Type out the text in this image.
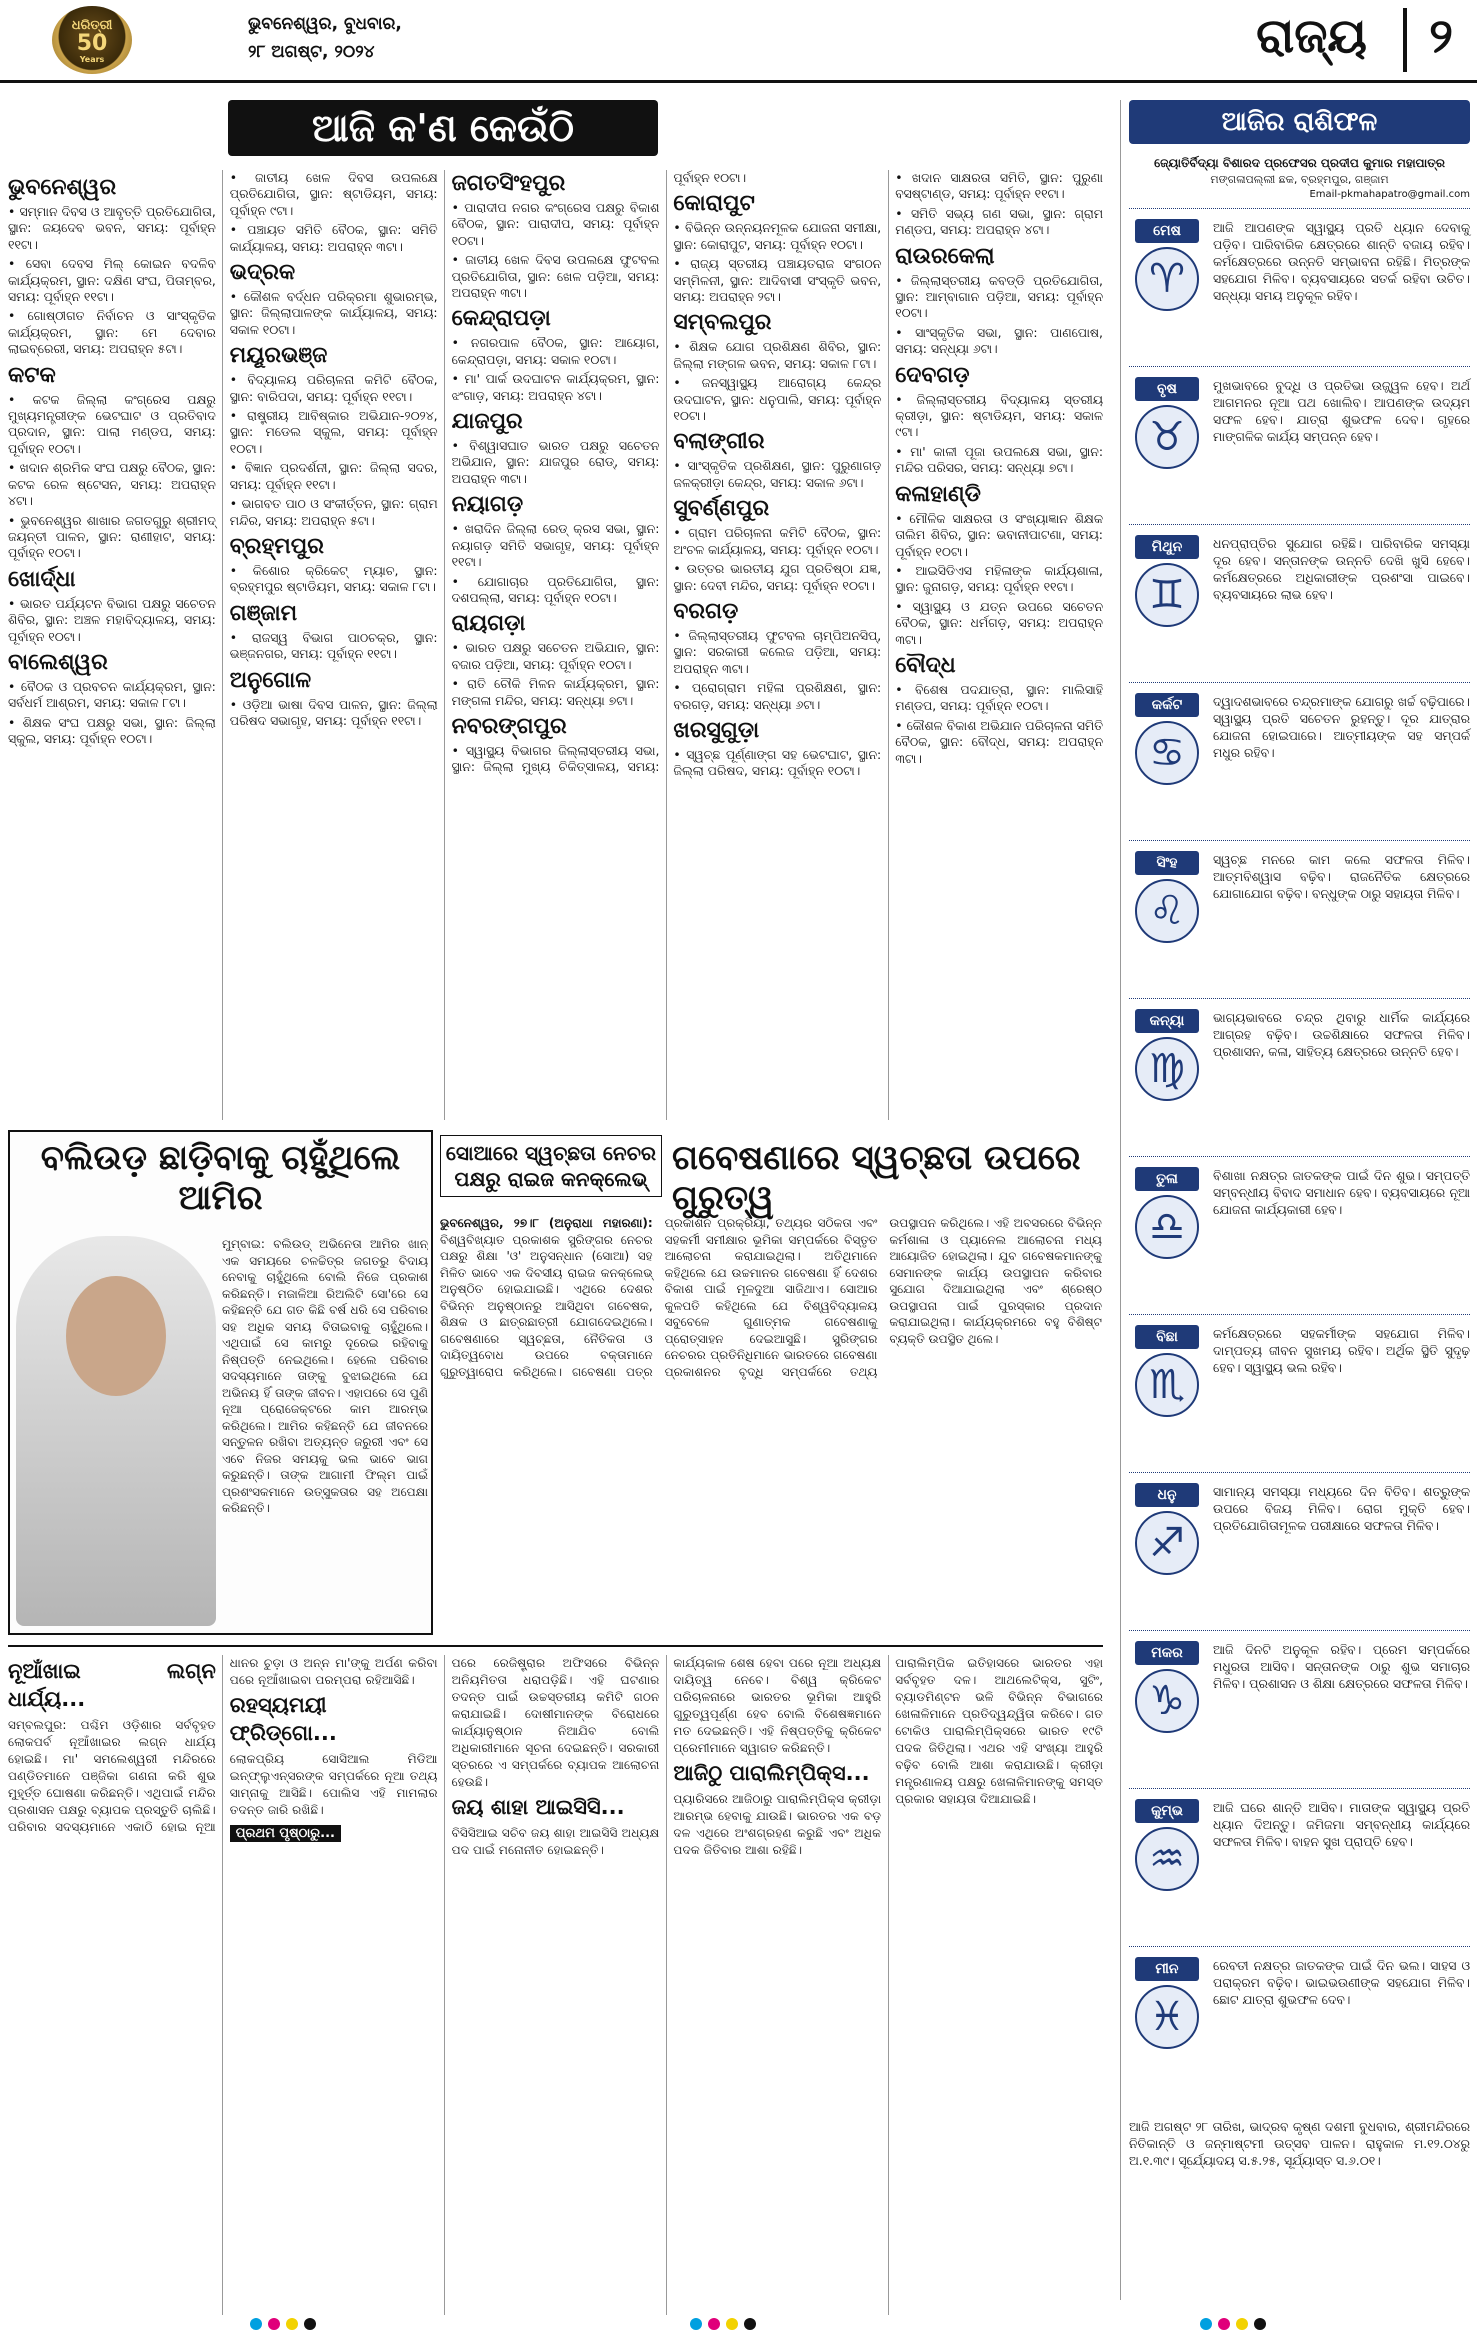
ଧରିତ୍ରୀ
50
Years
ଭୁବନେଶ୍ୱର, ବୁଧବାର,
୨୮ ଅଗଷ୍ଟ, ୨୦୨୪	ରାଜ୍ୟ	୨
ଆଜି କ'ଣ କେଉଁଠି
ଭୁବନେଶ୍ୱର
• ସମ୍ମାନ ଦିବସ ଓ ଆବୃତ୍ତି ପ୍ରତିଯୋଗିତା, ସ୍ଥାନ: ଜୟଦେବ ଭବନ, ସମୟ: ପୂର୍ବାହ୍ନ ୧୧ଟା।
• ସେବା ଦେବସ ମିଲ୍ କୋଇନ ବଦଳିବ କାର୍ଯ୍ୟକ୍ରମ, ସ୍ଥାନ: ଦକ୍ଷିଣ ସଂଘ, ପିତାମ୍ବର, ସମୟ: ପୂର୍ବାହ୍ନ ୧୧ଟା।
• ଗୋଷ୍ଠୀଗତ ନିର୍ବାଚନ ଓ ସାଂସ୍କୃତିକ କାର୍ଯ୍ୟକ୍ରମ, ସ୍ଥାନ: ମେ ଦେବାର ଲାଇବ୍ରେରୀ, ସମୟ: ଅପରାହ୍ନ ୫ଟା।
କଟକ
• କଟକ ଜିଲ୍ଲା କଂଗ୍ରେସ ପକ୍ଷରୁ ମୁଖ୍ୟମନ୍ତ୍ରୀଙ୍କ ଭେଟଘାଟ ଓ ପ୍ରତିବାଦ ପ୍ରଦାନ, ସ୍ଥାନ: ପାଲା ମଣ୍ଡପ, ସମୟ: ପୂର୍ବାହ୍ନ ୧୦ଟା।
• ଖଦାନ ଶ୍ରମିକ ସଂଘ ପକ୍ଷରୁ ବୈଠକ, ସ୍ଥାନ: କଟକ ରେଳ ଷ୍ଟେସନ, ସମୟ: ଅପରାହ୍ନ ୪ଟା।
• ଭୁବନେଶ୍ୱର ଶାଖାର ଜଗତଗୁରୁ ଶ୍ରୀମଦ୍ ଜୟନ୍ତୀ ପାଳନ, ସ୍ଥାନ: ରାଣୀହାଟ, ସମୟ: ପୂର୍ବାହ୍ନ ୧୦ଟା।
ଖୋର୍ଦ୍ଧା
• ଭାରତ ପର୍ଯ୍ୟଟନ ବିଭାଗ ପକ୍ଷରୁ ସଚେତନ ଶିବିର, ସ୍ଥାନ: ଅଞ୍ଚଳ ମହାବିଦ୍ୟାଳୟ, ସମୟ: ପୂର୍ବାହ୍ନ ୧୦ଟା।
ବାଲେଶ୍ୱର
• ବୈଠକ ଓ ପ୍ରବଚନ କାର୍ଯ୍ୟକ୍ରମ, ସ୍ଥାନ: ସର୍ବଧର୍ମ ଆଶ୍ରମ, ସମୟ: ସକାଳ ୮ଟା।
• ଶିକ୍ଷକ ସଂଘ ପକ୍ଷରୁ ସଭା, ସ୍ଥାନ: ଜିଲ୍ଲା ସ୍କୁଲ, ସମୟ: ପୂର୍ବାହ୍ନ ୧୦ଟା।
• ଜାତୀୟ ଖେଳ ଦିବସ ଉପଲକ୍ଷେ ପ୍ରତିଯୋଗିତା, ସ୍ଥାନ: ଷ୍ଟାଡିୟମ, ସମୟ: ପୂର୍ବାହ୍ନ ୯ଟା।
• ପଞ୍ଚାୟତ ସମିତି ବୈଠକ, ସ୍ଥାନ: ସମିତି କାର୍ଯ୍ୟାଳୟ, ସମୟ: ଅପରାହ୍ନ ୩ଟା।
ଭଦ୍ରକ
• କୌଶଳ ବର୍ଦ୍ଧନ ପରିକ୍ରମା ଶୁଭାରମ୍ଭ, ସ୍ଥାନ: ଜିଲ୍ଲାପାଳଙ୍କ କାର୍ଯ୍ୟାଳୟ, ସମୟ: ସକାଳ ୧୦ଟା।
ମୟୂରଭଞ୍ଜ
• ବିଦ୍ୟାଳୟ ପରିଚାଳନା କମିଟି ବୈଠକ, ସ୍ଥାନ: ବାରିପଦା, ସମୟ: ପୂର୍ବାହ୍ନ ୧୧ଟା।
• ରାଷ୍ଟ୍ରୀୟ ଆବିଷ୍କାର ଅଭିଯାନ-୨୦୨୪, ସ୍ଥାନ: ମଡେଲ ସ୍କୁଲ, ସମୟ: ପୂର୍ବାହ୍ନ ୧୦ଟା।
• ବିଜ୍ଞାନ ପ୍ରଦର୍ଶନୀ, ସ୍ଥାନ: ଜିଲ୍ଲା ସଦର, ସମୟ: ପୂର୍ବାହ୍ନ ୧୧ଟା।
• ଭାଗବତ ପାଠ ଓ ସଂକୀର୍ତ୍ତନ, ସ୍ଥାନ: ଗ୍ରାମ ମନ୍ଦିର, ସମୟ: ଅପରାହ୍ନ ୫ଟା।
ବ୍ରହ୍ମପୁର
• କିଶୋର କ୍ରିକେଟ୍ ମ୍ୟାଚ, ସ୍ଥାନ: ବ୍ରହ୍ମପୁର ଷ୍ଟାଡିୟମ, ସମୟ: ସକାଳ ୮ଟା।
ଗଞ୍ଜାମ
• ରାଜସ୍ୱ ବିଭାଗ ପାଠଚକ୍ର, ସ୍ଥାନ: ଭଞ୍ଜନଗର, ସମୟ: ପୂର୍ବାହ୍ନ ୧୧ଟା।
ଅନୁଗୋଳ
• ଓଡ଼ିଆ ଭାଷା ଦିବସ ପାଳନ, ସ୍ଥାନ: ଜିଲ୍ଲା ପରିଷଦ ସଭାଗୃହ, ସମୟ: ପୂର୍ବାହ୍ନ ୧୧ଟା।
ଜଗତସିଂହପୁର
• ପାରାଦୀପ ନଗର କଂଗ୍ରେସ ପକ୍ଷରୁ ବିକାଶ ବୈଠକ, ସ୍ଥାନ: ପାରାଦୀପ, ସମୟ: ପୂର୍ବାହ୍ନ ୧୦ଟା।
• ଜାତୀୟ ଖେଳ ଦିବସ ଉପଲକ୍ଷେ ଫୁଟବଲ ପ୍ରତିଯୋଗିତା, ସ୍ଥାନ: ଖେଳ ପଡ଼ିଆ, ସମୟ: ଅପରାହ୍ନ ୩ଟା।
କେନ୍ଦ୍ରାପଡ଼ା
• ନଗରପାଳ ବୈଠକ, ସ୍ଥାନ: ଆୟୋଗ, କେନ୍ଦ୍ରାପଡ଼ା, ସମୟ: ସକାଳ ୧୦ଟା।
• ମା' ପାର୍କ ଉଦଘାଟନ କାର୍ଯ୍ୟକ୍ରମ, ସ୍ଥାନ: ଝଂଗାଡ଼, ସମୟ: ଅପରାହ୍ନ ୪ଟା।
ଯାଜପୁର
• ବିଶ୍ୱାସଘାତ ଭାରତ ପକ୍ଷରୁ ସଚେତନ ଅଭିଯାନ, ସ୍ଥାନ: ଯାଜପୁର ରୋଡ୍, ସମୟ: ଅପରାହ୍ନ ୩ଟା।
ନୟାଗଡ଼
• ଖରାଦିନ ଜିଲ୍ଲା ରେଡ୍ କ୍ରସ ସଭା, ସ୍ଥାନ: ନୟାଗଡ଼ ସମିତି ସଭାଗୃହ, ସମୟ: ପୂର୍ବାହ୍ନ ୧୧ଟା।
• ଯୋଗାଚାର ପ୍ରତିଯୋଗିତା, ସ୍ଥାନ: ଦଶପଲ୍ଲା, ସମୟ: ପୂର୍ବାହ୍ନ ୧୦ଟା।
ରାୟଗଡ଼ା
• ଭାରତ ପକ୍ଷରୁ ସଚେତନ ଅଭିଯାନ, ସ୍ଥାନ: ବଜାର ପଡ଼ିଆ, ସମୟ: ପୂର୍ବାହ୍ନ ୧୦ଟା।
• ରାତି ଚୌକି ମିଳନ କାର୍ଯ୍ୟକ୍ରମ, ସ୍ଥାନ: ମଙ୍ଗଳା ମନ୍ଦିର, ସମୟ: ସନ୍ଧ୍ୟା ୭ଟା।
ନବରଙ୍ଗପୁର
• ସ୍ୱାସ୍ଥ୍ୟ ବିଭାଗର ଜିଲ୍ଲାସ୍ତରୀୟ ସଭା, ସ୍ଥାନ: ଜିଲ୍ଲା ମୁଖ୍ୟ ଚିକିତ୍ସାଳୟ, ସମୟ: ପୂର୍ବାହ୍ନ ୧୦ଟା।
କୋରାପୁଟ
• ବିଭିନ୍ନ ଉନ୍ନୟନମୂଳକ ଯୋଜନା ସମୀକ୍ଷା, ସ୍ଥାନ: କୋରାପୁଟ, ସମୟ: ପୂର୍ବାହ୍ନ ୧୦ଟା।
• ରାଜ୍ୟ ସ୍ତରୀୟ ପଞ୍ଚାୟତରାଜ ସଂଗଠନ ସମ୍ମିଳନୀ, ସ୍ଥାନ: ଆଦିବାସୀ ସଂସ୍କୃତି ଭବନ, ସମୟ: ଅପରାହ୍ନ ୨ଟା।
ସମ୍ବଲପୁର
• ଶିକ୍ଷକ ଯୋଗ ପ୍ରଶିକ୍ଷଣ ଶିବିର, ସ୍ଥାନ: ଜିଲ୍ଲା ମଙ୍ଗଳ ଭବନ, ସମୟ: ସକାଳ ୮ଟା।
• ଜନସ୍ୱାସ୍ଥ୍ୟ ଆରୋଗ୍ୟ କେନ୍ଦ୍ର ଉଦଘାଟନ, ସ୍ଥାନ: ଧନୁପାଲି, ସମୟ: ପୂର୍ବାହ୍ନ ୧୦ଟା।
ବଲାଙ୍ଗୀର
• ସାଂସ୍କୃତିକ ପ୍ରଶିକ୍ଷଣ, ସ୍ଥାନ: ପୁରୁଣାଗଡ଼ ଜଳକ୍ରୀଡ଼ା କେନ୍ଦ୍ର, ସମୟ: ସକାଳ ୬ଟା।
ସୁବର୍ଣ୍ଣପୁର
• ଗ୍ରାମ ପରିଚାଳନା କମିଟି ବୈଠକ, ସ୍ଥାନ: ଅଂଚଳ କାର୍ଯ୍ୟାଳୟ, ସମୟ: ପୂର୍ବାହ୍ନ ୧୦ଟା।
• ଉତ୍ତର ଭାରତୀୟ ଯୁଗ ପ୍ରତିଷ୍ଠା ଯଜ୍ଞ, ସ୍ଥାନ: ଦେବୀ ମନ୍ଦିର, ସମୟ: ପୂର୍ବାହ୍ନ ୧୦ଟା।
ବରଗଡ଼
• ଜିଲ୍ଲାସ୍ତରୀୟ ଫୁଟବଲ ଚାମ୍ପିଅନସିପ୍, ସ୍ଥାନ: ସରକାରୀ କଲେଜ ପଡ଼ିଆ, ସମୟ: ଅପରାହ୍ନ ୩ଟା।
• ପ୍ରୋଗ୍ରାମ ମହିଳା ପ୍ରଶିକ୍ଷଣ, ସ୍ଥାନ: ବରଗଡ଼, ସମୟ: ସନ୍ଧ୍ୟା ୬ଟା।
ଖରସୁଗୁଡ଼ା
• ସ୍ୱଚ୍ଛ ପୂର୍ଣ୍ଣାଙ୍ଗ ସହ ଭେଟଘାଟ, ସ୍ଥାନ: ଜିଲ୍ଲା ପରିଷଦ, ସମୟ: ପୂର୍ବାହ୍ନ ୧୦ଟା।
• ଖଦାନ ସାକ୍ଷରତା ସମିତି, ସ୍ଥାନ: ପୁରୁଣା ବସଷ୍ଟାଣ୍ଡ, ସମୟ: ପୂର୍ବାହ୍ନ ୧୧ଟା।
• ସମିତି ସଭ୍ୟ ଗଣ ସଭା, ସ୍ଥାନ: ଗ୍ରାମ ମଣ୍ଡପ, ସମୟ: ଅପରାହ୍ନ ୪ଟା।
ରାଉରକେଲା
• ଜିଲ୍ଲାସ୍ତରୀୟ କବଡ୍ଡି ପ୍ରତିଯୋଗିତା, ସ୍ଥାନ: ଆମ୍ବାଗାନ ପଡ଼ିଆ, ସମୟ: ପୂର୍ବାହ୍ନ ୧୦ଟା।
• ସାଂସ୍କୃତିକ ସଭା, ସ୍ଥାନ: ପାଣପୋଷ, ସମୟ: ସନ୍ଧ୍ୟା ୬ଟା।
ଦେବଗଡ଼
• ଜିଲ୍ଲାସ୍ତରୀୟ ବିଦ୍ୟାଳୟ ସ୍ତରୀୟ କ୍ରୀଡ଼ା, ସ୍ଥାନ: ଷ୍ଟାଡିୟମ, ସମୟ: ସକାଳ ୯ଟା।
• ମା' କାଳୀ ପୂଜା ଉପଲକ୍ଷେ ସଭା, ସ୍ଥାନ: ମନ୍ଦିର ପରିସର, ସମୟ: ସନ୍ଧ୍ୟା ୭ଟା।
କଳାହାଣ୍ଡି
• ମୌଳିକ ସାକ୍ଷରତା ଓ ସଂଖ୍ୟାଜ୍ଞାନ ଶିକ୍ଷକ ତାଲିମ ଶିବିର, ସ୍ଥାନ: ଭବାନୀପାଟଣା, ସମୟ: ପୂର୍ବାହ୍ନ ୧୦ଟା।
• ଆଇସିଡିଏସ ମହିଳାଙ୍କ କାର୍ଯ୍ୟଶାଳା, ସ୍ଥାନ: ଜୁନାଗଡ଼, ସମୟ: ପୂର୍ବାହ୍ନ ୧୧ଟା।
• ସ୍ୱାସ୍ଥ୍ୟ ଓ ଯତ୍ନ ଉପରେ ସଚେତନ ବୈଠକ, ସ୍ଥାନ: ଧର୍ମଗଡ଼, ସମୟ: ଅପରାହ୍ନ ୩ଟା।
ବୌଦ୍ଧ
• ବିଶେଷ ପଦଯାତ୍ରା, ସ୍ଥାନ: ମାଲିସାହି ମଣ୍ଡପ, ସମୟ: ପୂର୍ବାହ୍ନ ୧୦ଟା।
• କୌଶଳ ବିକାଶ ଅଭିଯାନ ପରିଚାଳନା ସମିତି ବୈଠକ, ସ୍ଥାନ: ବୌଦ୍ଧ, ସମୟ: ଅପରାହ୍ନ ୩ଟା।
ଆଜିର ରାଶିଫଳ
ଜ୍ୟୋତିର୍ବିଦ୍ୟା ବିଶାରଦ ପ୍ରଫେସର ପ୍ରଦୀପ କୁମାର ମହାପାତ୍ର
ମଙ୍ଗଳାପଲ୍ଲୀ ଛକ, ବ୍ରହ୍ମପୁର, ଗଞ୍ଜାମ
Email-pkmahapatro@gmail.com
ମେଷ
♈
ଆଜି ଆପଣଙ୍କ ସ୍ୱାସ୍ଥ୍ୟ ପ୍ରତି ଧ୍ୟାନ ଦେବାକୁ ପଡ଼ିବ। ପାରିବାରିକ କ୍ଷେତ୍ରରେ ଶାନ୍ତି ବଜାୟ ରହିବ। କର୍ମକ୍ଷେତ୍ରରେ ଉନ୍ନତି ସମ୍ଭାବନା ରହିଛି। ମିତ୍ରଙ୍କ ସହଯୋଗ ମିଳିବ। ବ୍ୟବସାୟରେ ସତର୍କ ରହିବା ଉଚିତ। ସନ୍ଧ୍ୟା ସମୟ ଅନୁକୂଳ ରହିବ।
ବୃଷ
♉
ମୁଖଭାବରେ ବୁଦ୍ଧି ଓ ପ୍ରତିଭା ଉଜ୍ଜ୍ୱଳ ହେବ। ଅର୍ଥ ଆଗମନର ନୂଆ ପଥ ଖୋଲିବ। ଆପଣଙ୍କ ଉଦ୍ୟମ ସଫଳ ହେବ। ଯାତ୍ରା ଶୁଭଫଳ ଦେବ। ଗୃହରେ ମାଙ୍ଗଳିକ କାର୍ଯ୍ୟ ସମ୍ପନ୍ନ ହେବ।
ମିଥୁନ
♊
ଧନପ୍ରାପ୍ତିର ସୁଯୋଗ ରହିଛି। ପାରିବାରିକ ସମସ୍ୟା ଦୂର ହେବ। ସନ୍ତାନଙ୍କ ଉନ୍ନତି ଦେଖି ଖୁସି ହେବେ। କର୍ମକ୍ଷେତ୍ରରେ ଅଧିକାରୀଙ୍କ ପ୍ରଶଂସା ପାଇବେ। ବ୍ୟବସାୟରେ ଲାଭ ହେବ।
କର୍କଟ
♋
ଦ୍ୱାଦଶଭାବରେ ଚନ୍ଦ୍ରମାଙ୍କ ଯୋଗରୁ ଖର୍ଚ୍ଚ ବଢ଼ିପାରେ। ସ୍ୱାସ୍ଥ୍ୟ ପ୍ରତି ସଚେତନ ରୁହନ୍ତୁ। ଦୂର ଯାତ୍ରାର ଯୋଜନା ହୋଇପାରେ। ଆତ୍ମୀୟଙ୍କ ସହ ସମ୍ପର୍କ ମଧୁର ରହିବ।
ସିଂହ
♌
ସ୍ୱଚ୍ଛ ମନରେ କାମ କଲେ ସଫଳତା ମିଳିବ। ଆତ୍ମବିଶ୍ୱାସ ବଢ଼ିବ। ରାଜନୈତିକ କ୍ଷେତ୍ରରେ ଯୋଗାଯୋଗ ବଢ଼ିବ। ବନ୍ଧୁଙ୍କ ଠାରୁ ସହାୟତା ମିଳିବ।
କନ୍ୟା
♍
ଭାଗ୍ୟଭାବରେ ଚନ୍ଦ୍ର ଥିବାରୁ ଧାର୍ମିକ କାର୍ଯ୍ୟରେ ଆଗ୍ରହ ବଢ଼ିବ। ଉଚ୍ଚଶିକ୍ଷାରେ ସଫଳତା ମିଳିବ। ପ୍ରଶାସନ, କଳା, ସାହିତ୍ୟ କ୍ଷେତ୍ରରେ ଉନ୍ନତି ହେବ।
ତୁଳା
♎
ବିଶାଖା ନକ୍ଷତ୍ର ଜାତକଙ୍କ ପାଇଁ ଦିନ ଶୁଭ। ସମ୍ପତ୍ତି ସମ୍ବନ୍ଧୀୟ ବିବାଦ ସମାଧାନ ହେବ। ବ୍ୟବସାୟରେ ନୂଆ ଯୋଜନା କାର୍ଯ୍ୟକାରୀ ହେବ।
ବିଛା
♏
କର୍ମକ୍ଷେତ୍ରରେ ସହକର୍ମୀଙ୍କ ସହଯୋଗ ମିଳିବ। ଦାମ୍ପତ୍ୟ ଜୀବନ ସୁଖମୟ ରହିବ। ଅର୍ଥିକ ସ୍ଥିତି ସୁଦୃଢ଼ ହେବ। ସ୍ୱାସ୍ଥ୍ୟ ଭଲ ରହିବ।
ଧନୁ
♐
ସାମାନ୍ୟ ସମସ୍ୟା ମଧ୍ୟରେ ଦିନ ବିତିବ। ଶତ୍ରୁଙ୍କ ଉପରେ ବିଜୟ ମିଳିବ। ରୋଗ ମୁକ୍ତି ହେବ। ପ୍ରତିଯୋଗିତାମୂଳକ ପରୀକ୍ଷାରେ ସଫଳତା ମିଳିବ।
ମକର
♑
ଆଜି ଦିନଟି ଅନୁକୂଳ ରହିବ। ପ୍ରେମ ସମ୍ପର୍କରେ ମଧୁରତା ଆସିବ। ସନ୍ତାନଙ୍କ ଠାରୁ ଶୁଭ ସମାଚାର ମିଳିବ। ପ୍ରଶାସନ ଓ ଶିକ୍ଷା କ୍ଷେତ୍ରରେ ସଫଳତା ମିଳିବ।
କୁମ୍ଭ
♒
ଆଜି ଘରେ ଶାନ୍ତି ଆସିବ। ମାତାଙ୍କ ସ୍ୱାସ୍ଥ୍ୟ ପ୍ରତି ଧ୍ୟାନ ଦିଅନ୍ତୁ। ଜମିଜମା ସମ୍ବନ୍ଧୀୟ କାର୍ଯ୍ୟରେ ସଫଳତା ମିଳିବ। ବାହନ ସୁଖ ପ୍ରାପ୍ତି ହେବ।
ମୀନ
♓
ରେବତୀ ନକ୍ଷତ୍ର ଜାତକଙ୍କ ପାଇଁ ଦିନ ଭଲ। ସାହସ ଓ ପରାକ୍ରମ ବଢ଼ିବ। ଭାଇଭଉଣୀଙ୍କ ସହଯୋଗ ମିଳିବ। ଛୋଟ ଯାତ୍ରା ଶୁଭଫଳ ଦେବ।
ଆଜି ଅଗଷ୍ଟ ୨୮ ତାରିଖ, ଭାଦ୍ରବ କୃଷ୍ଣ ଦଶମୀ ବୁଧବାର, ଶ୍ରୀମନ୍ଦିରରେ ନିତିକାନ୍ତି ଓ ଜନ୍ମାଷ୍ଟମୀ ଉତ୍ସବ ପାଳନ। ରାହୁକାଳ ମ.୧୨.୦୪ରୁ ଅ.୧.୩୯। ସୂର୍ଯ୍ୟୋଦୟ ସ.୫.୨୫, ସୂର୍ଯ୍ୟାସ୍ତ ସ.୬.୦୧।
ବଲିଉଡ଼ ଛାଡ଼ିବାକୁ ଚାହୁଁଥିଲେ ଆମିର
ମୁମ୍ବାଇ: ବଲିଉଡ୍ ଅଭିନେତା ଆମିର ଖାନ୍ ଏକ ସମୟରେ ଚଳଚ୍ଚିତ୍ର ଜଗତରୁ ବିଦାୟ ନେବାକୁ ଚାହୁଁଥିଲେ ବୋଲି ନିଜେ ପ୍ରକାଶ କରିଛନ୍ତି। ମଜାଳିଆ ରିଅଲିଟି ସୋ'ରେ ସେ କହିଛନ୍ତି ଯେ ଗତ କିଛି ବର୍ଷ ଧରି ସେ ପରିବାର ସହ ଅଧିକ ସମୟ ବିତାଇବାକୁ ଚାହୁଁଥିଲେ। ଏଥିପାଇଁ ସେ କାମରୁ ଦୂରେଇ ରହିବାକୁ ନିଷ୍ପତ୍ତି ନେଇଥିଲେ। ହେଲେ ପରିବାର ସଦସ୍ୟମାନେ ତାଙ୍କୁ ବୁଝାଇଥିଲେ ଯେ ଅଭିନୟ ହିଁ ତାଙ୍କ ଜୀବନ। ଏହାପରେ ସେ ପୁଣି ନୂଆ ପ୍ରୋଜେକ୍ଟରେ କାମ ଆରମ୍ଭ କରିଥିଲେ। ଆମିର କହିଛନ୍ତି ଯେ ଜୀବନରେ ସନ୍ତୁଳନ ରଖିବା ଅତ୍ୟନ୍ତ ଜରୁରୀ ଏବଂ ସେ ଏବେ ନିଜର ସମୟକୁ ଭଲ ଭାବେ ଭାଗ କରୁଛନ୍ତି। ତାଙ୍କ ଆଗାମୀ ଫିଲ୍ମ ପାଇଁ ପ୍ରଶଂସକମାନେ ଉତ୍ସୁକତାର ସହ ଅପେକ୍ଷା କରିଛନ୍ତି।
ସୋଆରେ ସ୍ୱଚ୍ଛତା ନେଚର ପକ୍ଷରୁ ରାଇଜ କନକ୍ଲେଭ୍
ଗବେଷଣାରେ ସ୍ୱଚ୍ଛତା ଉପରେ ଗୁରୁତ୍ୱ
ଭୁବନେଶ୍ୱର, ୨୭।୮ (ଅନୁରାଧା ମହାରଣା): ବିଶ୍ୱବିଖ୍ୟାତ ପ୍ରକାଶକ ସ୍ପ୍ରିଙ୍ଗର ନେଚର ପକ୍ଷରୁ ଶିକ୍ଷା 'ଓ' ଅନୁସନ୍ଧାନ (ସୋଆ) ସହ ମିଳିତ ଭାବେ ଏକ ଦିବସୀୟ ରାଇଜ କନକ୍ଲେଭ୍ ଅନୁଷ୍ଠିତ ହୋଇଯାଇଛି। ଏଥିରେ ଦେଶର ବିଭିନ୍ନ ଅନୁଷ୍ଠାନରୁ ଆସିଥିବା ଗବେଷକ, ଶିକ୍ଷକ ଓ ଛାତ୍ରଛାତ୍ରୀ ଯୋଗଦେଇଥିଲେ। ଗବେଷଣାରେ ସ୍ୱଚ୍ଛତା, ନୈତିକତା ଓ ଦାୟିତ୍ୱବୋଧ ଉପରେ ବକ୍ତାମାନେ ଗୁରୁତ୍ୱାରୋପ କରିଥିଲେ। ଗବେଷଣା ପତ୍ର ପ୍ରକାଶନ ପ୍ରକ୍ରିୟା, ତଥ୍ୟର ସଠିକତା ଏବଂ ସହକର୍ମୀ ସମୀକ୍ଷାର ଭୂମିକା ସମ୍ପର୍କରେ ବିସ୍ତୃତ ଆଲୋଚନା କରାଯାଇଥିଲା। ଅତିଥିମାନେ କହିଥିଲେ ଯେ ଉଚ୍ଚମାନର ଗବେଷଣା ହିଁ ଦେଶର ବିକାଶ ପାଇଁ ମୂଳଦୁଆ ସାଜିଥାଏ। ସୋଆର କୁଳପତି କହିଥିଲେ ଯେ ବିଶ୍ୱବିଦ୍ୟାଳୟ ସବୁବେଳେ ଗୁଣାତ୍ମକ ଗବେଷଣାକୁ ପ୍ରୋତ୍ସାହନ ଦେଇଆସୁଛି। ସ୍ପ୍ରିଙ୍ଗର ନେଚରର ପ୍ରତିନିଧିମାନେ ଭାରତରେ ଗବେଷଣା ପ୍ରକାଶନର ବୃଦ୍ଧି ସମ୍ପର୍କରେ ତଥ୍ୟ ଉପସ୍ଥାପନ କରିଥିଲେ। ଏହି ଅବସରରେ ବିଭିନ୍ନ କର୍ମଶାଳା ଓ ପ୍ୟାନେଲ ଆଲୋଚନା ମଧ୍ୟ ଆୟୋଜିତ ହୋଇଥିଲା। ଯୁବ ଗବେଷକମାନଙ୍କୁ ସେମାନଙ୍କ କାର୍ଯ୍ୟ ଉପସ୍ଥାପନ କରିବାର ସୁଯୋଗ ଦିଆଯାଇଥିଲା ଏବଂ ଶ୍ରେଷ୍ଠ ଉପସ୍ଥାପନା ପାଇଁ ପୁରସ୍କାର ପ୍ରଦାନ କରାଯାଇଥିଲା। କାର୍ଯ୍ୟକ୍ରମରେ ବହୁ ବିଶିଷ୍ଟ ବ୍ୟକ୍ତି ଉପସ୍ଥିତ ଥିଲେ।
ନୂଆଁଖାଇ ଲଗ୍ନ ଧାର୍ଯ୍ୟ...

ସମ୍ବଲପୁର: ପଶ୍ଚିମ ଓଡ଼ିଶାର ସର୍ବବୃହତ ଲୋକପର୍ବ ନୂଆଁଖାଇର ଲଗ୍ନ ଧାର୍ଯ୍ୟ ହୋଇଛି। ମା' ସମଲେଶ୍ୱରୀ ମନ୍ଦିରରେ ପଣ୍ଡିତମାନେ ପଞ୍ଜିକା ଗଣନା କରି ଶୁଭ ମୁହୂର୍ତ୍ତ ଘୋଷଣା କରିଛନ୍ତି। ଏଥିପାଇଁ ମନ୍ଦିର ପ୍ରଶାସନ ପକ୍ଷରୁ ବ୍ୟାପକ ପ୍ରସ୍ତୁତି ଚାଲିଛି। ପରିବାର ସଦସ୍ୟମାନେ ଏକାଠି ହୋଇ ନୂଆ ଧାନର ଚୁଡ଼ା ଓ ଅନ୍ନ ମା'ଙ୍କୁ ଅର୍ପଣ କରିବା ପରେ ନୂଆଁଖାଇବା ପରମ୍ପରା ରହିଆସିଛି।

ରହସ୍ୟମୟୀ ଫ୍ରିଡ୍ଗୋ...

ଲୋକପ୍ରିୟ ସୋସିଆଲ ମିଡିଆ ଇନ୍‌ଫ୍ଲୁଏନ୍‌ସରଙ୍କ ସମ୍ପର୍କରେ ନୂଆ ତଥ୍ୟ ସାମ୍ନାକୁ ଆସିଛି। ପୋଲିସ ଏହି ମାମଲାର ତଦନ୍ତ ଜାରି ରଖିଛି।

ପ୍ରଥମ ପୃଷ୍ଠାରୁ...

ପରେ ରେଜିଷ୍ଟ୍ରାର ଅଫିସରେ ବିଭିନ୍ନ ଅନିୟମିତତା ଧରାପଡ଼ିଛି। ଏହି ଘଟଣାର ତଦନ୍ତ ପାଇଁ ଉଚ୍ଚସ୍ତରୀୟ କମିଟି ଗଠନ କରାଯାଇଛି। ଦୋଷୀମାନଙ୍କ ବିରୋଧରେ କାର୍ଯ୍ୟାନୁଷ୍ଠାନ ନିଆଯିବ ବୋଲି ଅଧିକାରୀମାନେ ସୂଚନା ଦେଇଛନ୍ତି। ସରକାରୀ ସ୍ତରରେ ଏ ସମ୍ପର୍କରେ ବ୍ୟାପକ ଆଲୋଚନା ହେଉଛି।

ଜୟ ଶାହା ଆଇସିସି...

ବିସିସିଆଇ ସଚିବ ଜୟ ଶାହା ଆଇସିସି ଅଧ୍ୟକ୍ଷ ପଦ ପାଇଁ ମନୋନୀତ ହୋଇଛନ୍ତି।

କାର୍ଯ୍ୟକାଳ ଶେଷ ହେବା ପରେ ନୂଆ ଅଧ୍ୟକ୍ଷ ଦାୟିତ୍ୱ ନେବେ। ବିଶ୍ୱ କ୍ରିକେଟ ପରିଚାଳନାରେ ଭାରତର ଭୂମିକା ଆହୁରି ଗୁରୁତ୍ୱପୂର୍ଣ୍ଣ ହେବ ବୋଲି ବିଶେଷଜ୍ଞମାନେ ମତ ଦେଇଛନ୍ତି। ଏହି ନିଷ୍ପତ୍ତିକୁ କ୍ରିକେଟ ପ୍ରେମୀମାନେ ସ୍ୱାଗତ କରିଛନ୍ତି।

ଆଜିଠୁ ପାରାଲିମ୍ପିକ୍ସ...

ପ୍ୟାରିସରେ ଆଜିଠାରୁ ପାରାଲିମ୍ପିକ୍ସ କ୍ରୀଡ଼ା ଆରମ୍ଭ ହେବାକୁ ଯାଉଛି। ଭାରତର ଏକ ବଡ଼ ଦଳ ଏଥିରେ ଅଂଶଗ୍ରହଣ କରୁଛି ଏବଂ ଅଧିକ ପଦକ ଜିତିବାର ଆଶା ରହିଛି।

ପାରାଲିମ୍ପିକ ଇତିହାସରେ ଭାରତର ଏହା ସର୍ବବୃହତ ଦଳ। ଆଥଲେଟିକ୍ସ, ସୁଟିଂ, ବ୍ୟାଡମିଣ୍ଟନ ଭଳି ବିଭିନ୍ନ ବିଭାଗରେ ଖେଳାଳିମାନେ ପ୍ରତିଦ୍ୱନ୍ଦ୍ୱିତା କରିବେ। ଗତ ଟୋକିଓ ପାରାଲିମ୍ପିକ୍ସରେ ଭାରତ ୧୯ଟି ପଦକ ଜିତିଥିଲା। ଏଥର ଏହି ସଂଖ୍ୟା ଆହୁରି ବଢ଼ିବ ବୋଲି ଆଶା କରାଯାଉଛି। କ୍ରୀଡ଼ା ମନ୍ତ୍ରଣାଳୟ ପକ୍ଷରୁ ଖେଳାଳିମାନଙ୍କୁ ସମସ୍ତ ପ୍ରକାର ସହାୟତା ଦିଆଯାଇଛି।
